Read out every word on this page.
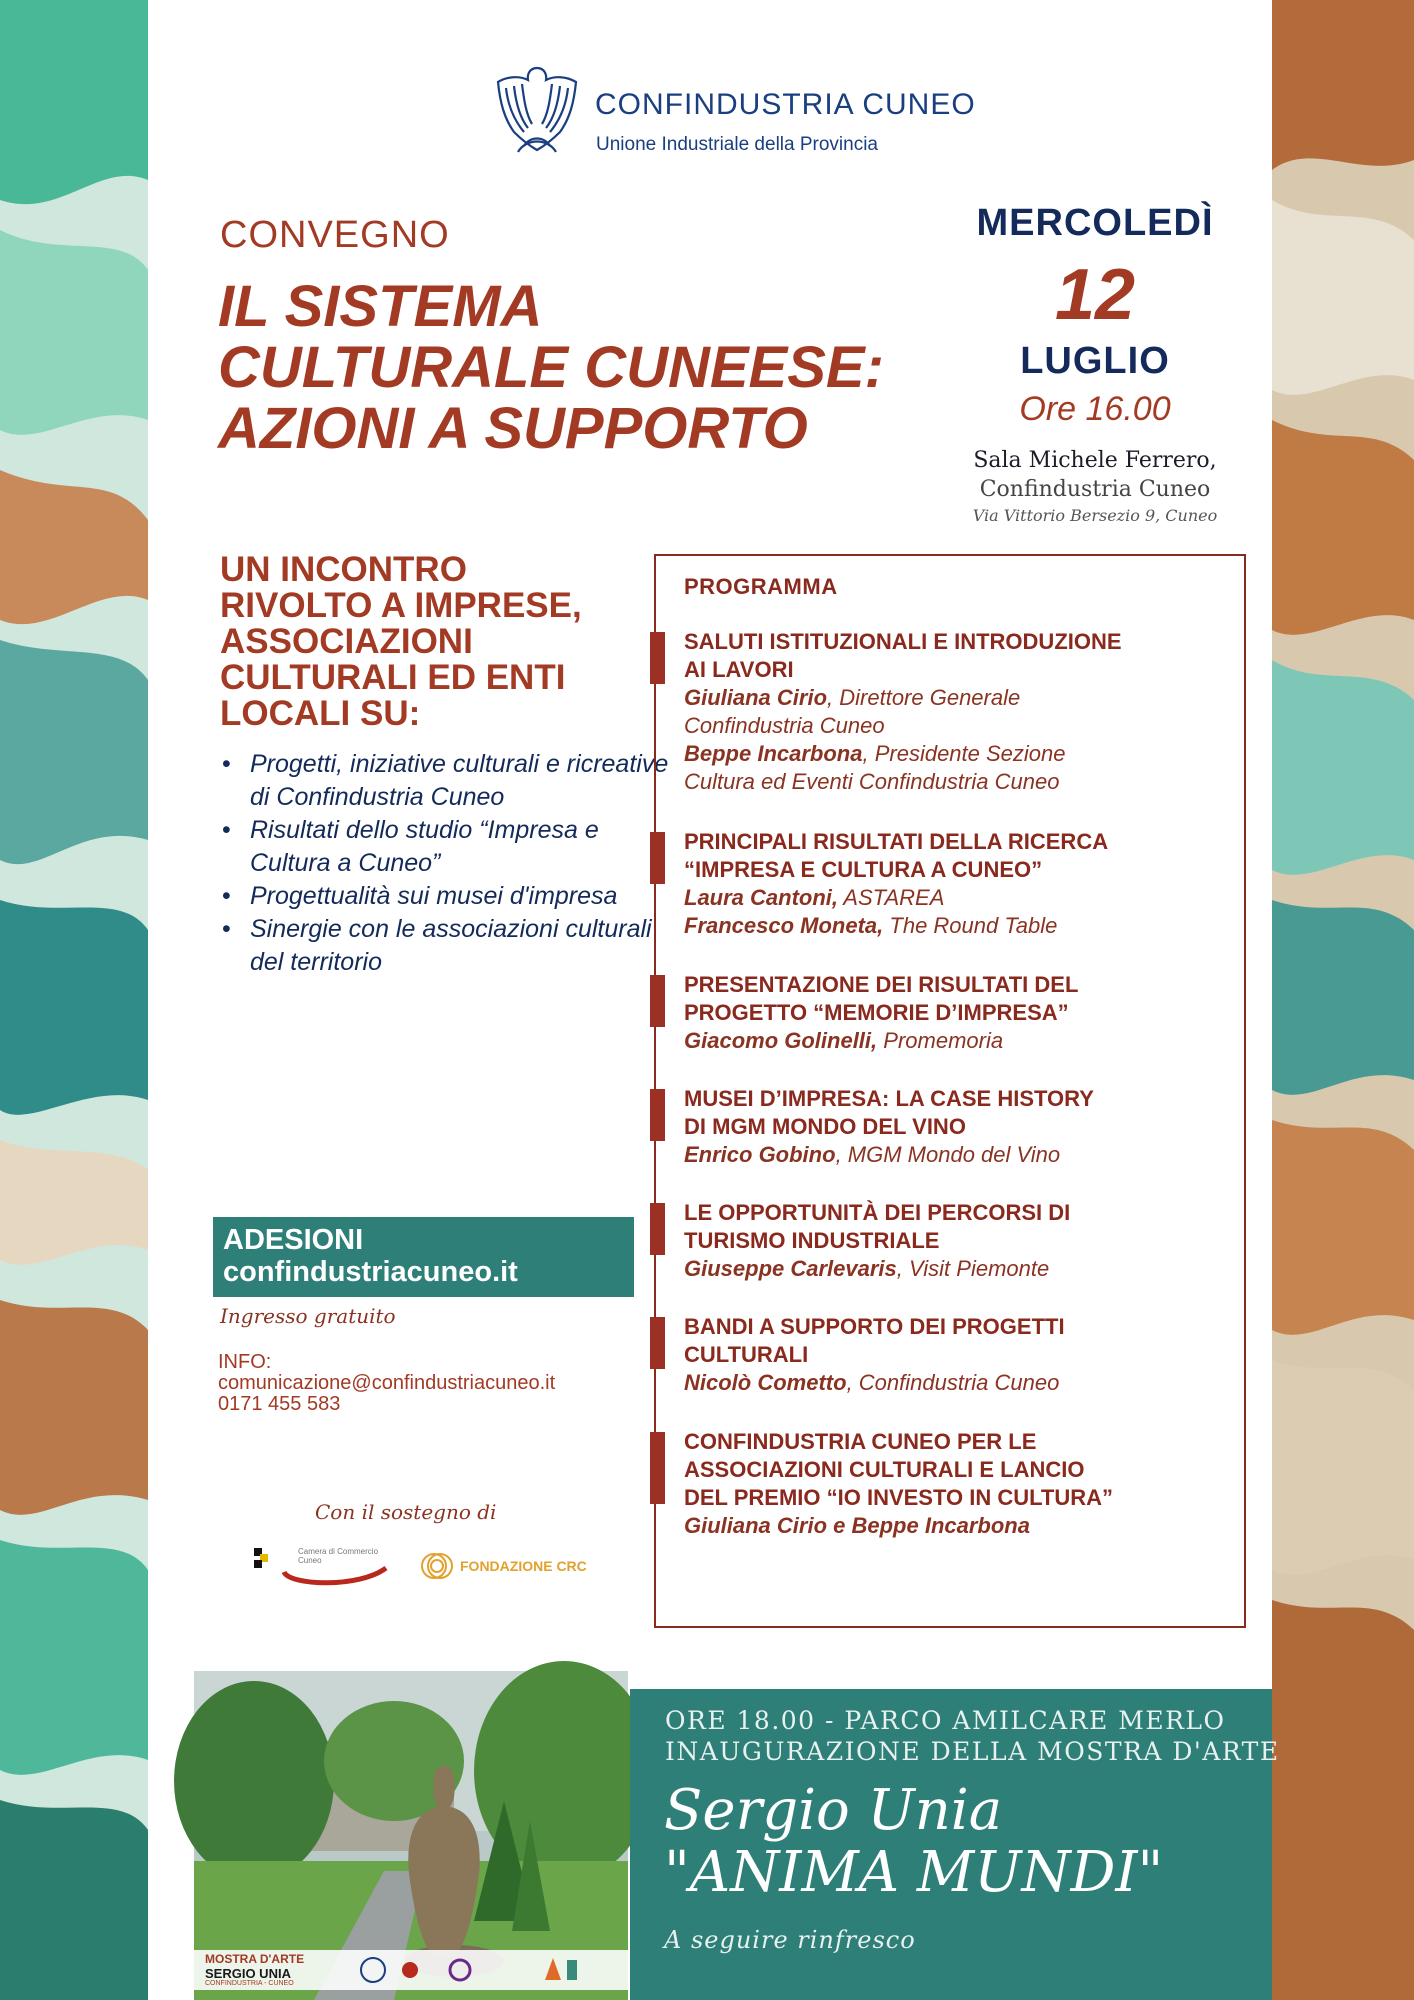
CONFINDUSTRIA CUNEO
Unione Industriale della Provincia
CONVEGNO
IL SISTEMA
CULTURALE CUNEESE:
AZIONI A SUPPORTO
MERCOLEDÌ
12
LUGLIO
Ore 16.00
Sala Michele Ferrero,
Confindustria Cuneo
Via Vittorio Bersezio 9, Cuneo
UN INCONTRO
RIVOLTO A IMPRESE,
ASSOCIAZIONI
CULTURALI ED ENTI
LOCALI SU:
• Progetti, iniziative culturali e ricreative di Confindustria Cuneo
• Risultati dello studio “Impresa e Cultura a Cuneo”
• Progettualità sui musei d'impresa
• Sinergie con le associazioni culturali del territorio
ADESIONI
confindustriacuneo.it
Ingresso gratuito
INFO:
comunicazione@confindustriacuneo.it
0171 455 583
Con il sostegno di
Camera di Commercio
Cuneo	FONDAZIONE CRC
PROGRAMMA
SALUTI ISTITUZIONALI E INTRODUZIONE
AI LAVORI
Giuliana Cirio, Direttore Generale
Confindustria Cuneo
Beppe Incarbona, Presidente Sezione
Cultura ed Eventi Confindustria Cuneo
PRINCIPALI RISULTATI DELLA RICERCA
“IMPRESA E CULTURA A CUNEO”
Laura Cantoni, ASTAREA
Francesco Moneta, The Round Table
PRESENTAZIONE DEI RISULTATI DEL
PROGETTO “MEMORIE D’IMPRESA”
Giacomo Golinelli, Promemoria
MUSEI D’IMPRESA: LA CASE HISTORY
DI MGM MONDO DEL VINO
Enrico Gobino, MGM Mondo del Vino
LE OPPORTUNITÀ DEI PERCORSI DI
TURISMO INDUSTRIALE
Giuseppe Carlevaris, Visit Piemonte
BANDI A SUPPORTO DEI PROGETTI
CULTURALI
Nicolò Cometto, Confindustria Cuneo
CONFINDUSTRIA CUNEO PER LE
ASSOCIAZIONI CULTURALI E LANCIO
DEL PREMIO “IO INVESTO IN CULTURA”
Giuliana Cirio e Beppe Incarbona
MOSTRA D'ARTE
SERGIO UNIA
CONFINDUSTRIA - CUNEO
ORE 18.00 - PARCO AMILCARE MERLO
INAUGURAZIONE DELLA MOSTRA D'ARTE
Sergio Unia
"ANIMA MUNDI"
A seguire rinfresco
